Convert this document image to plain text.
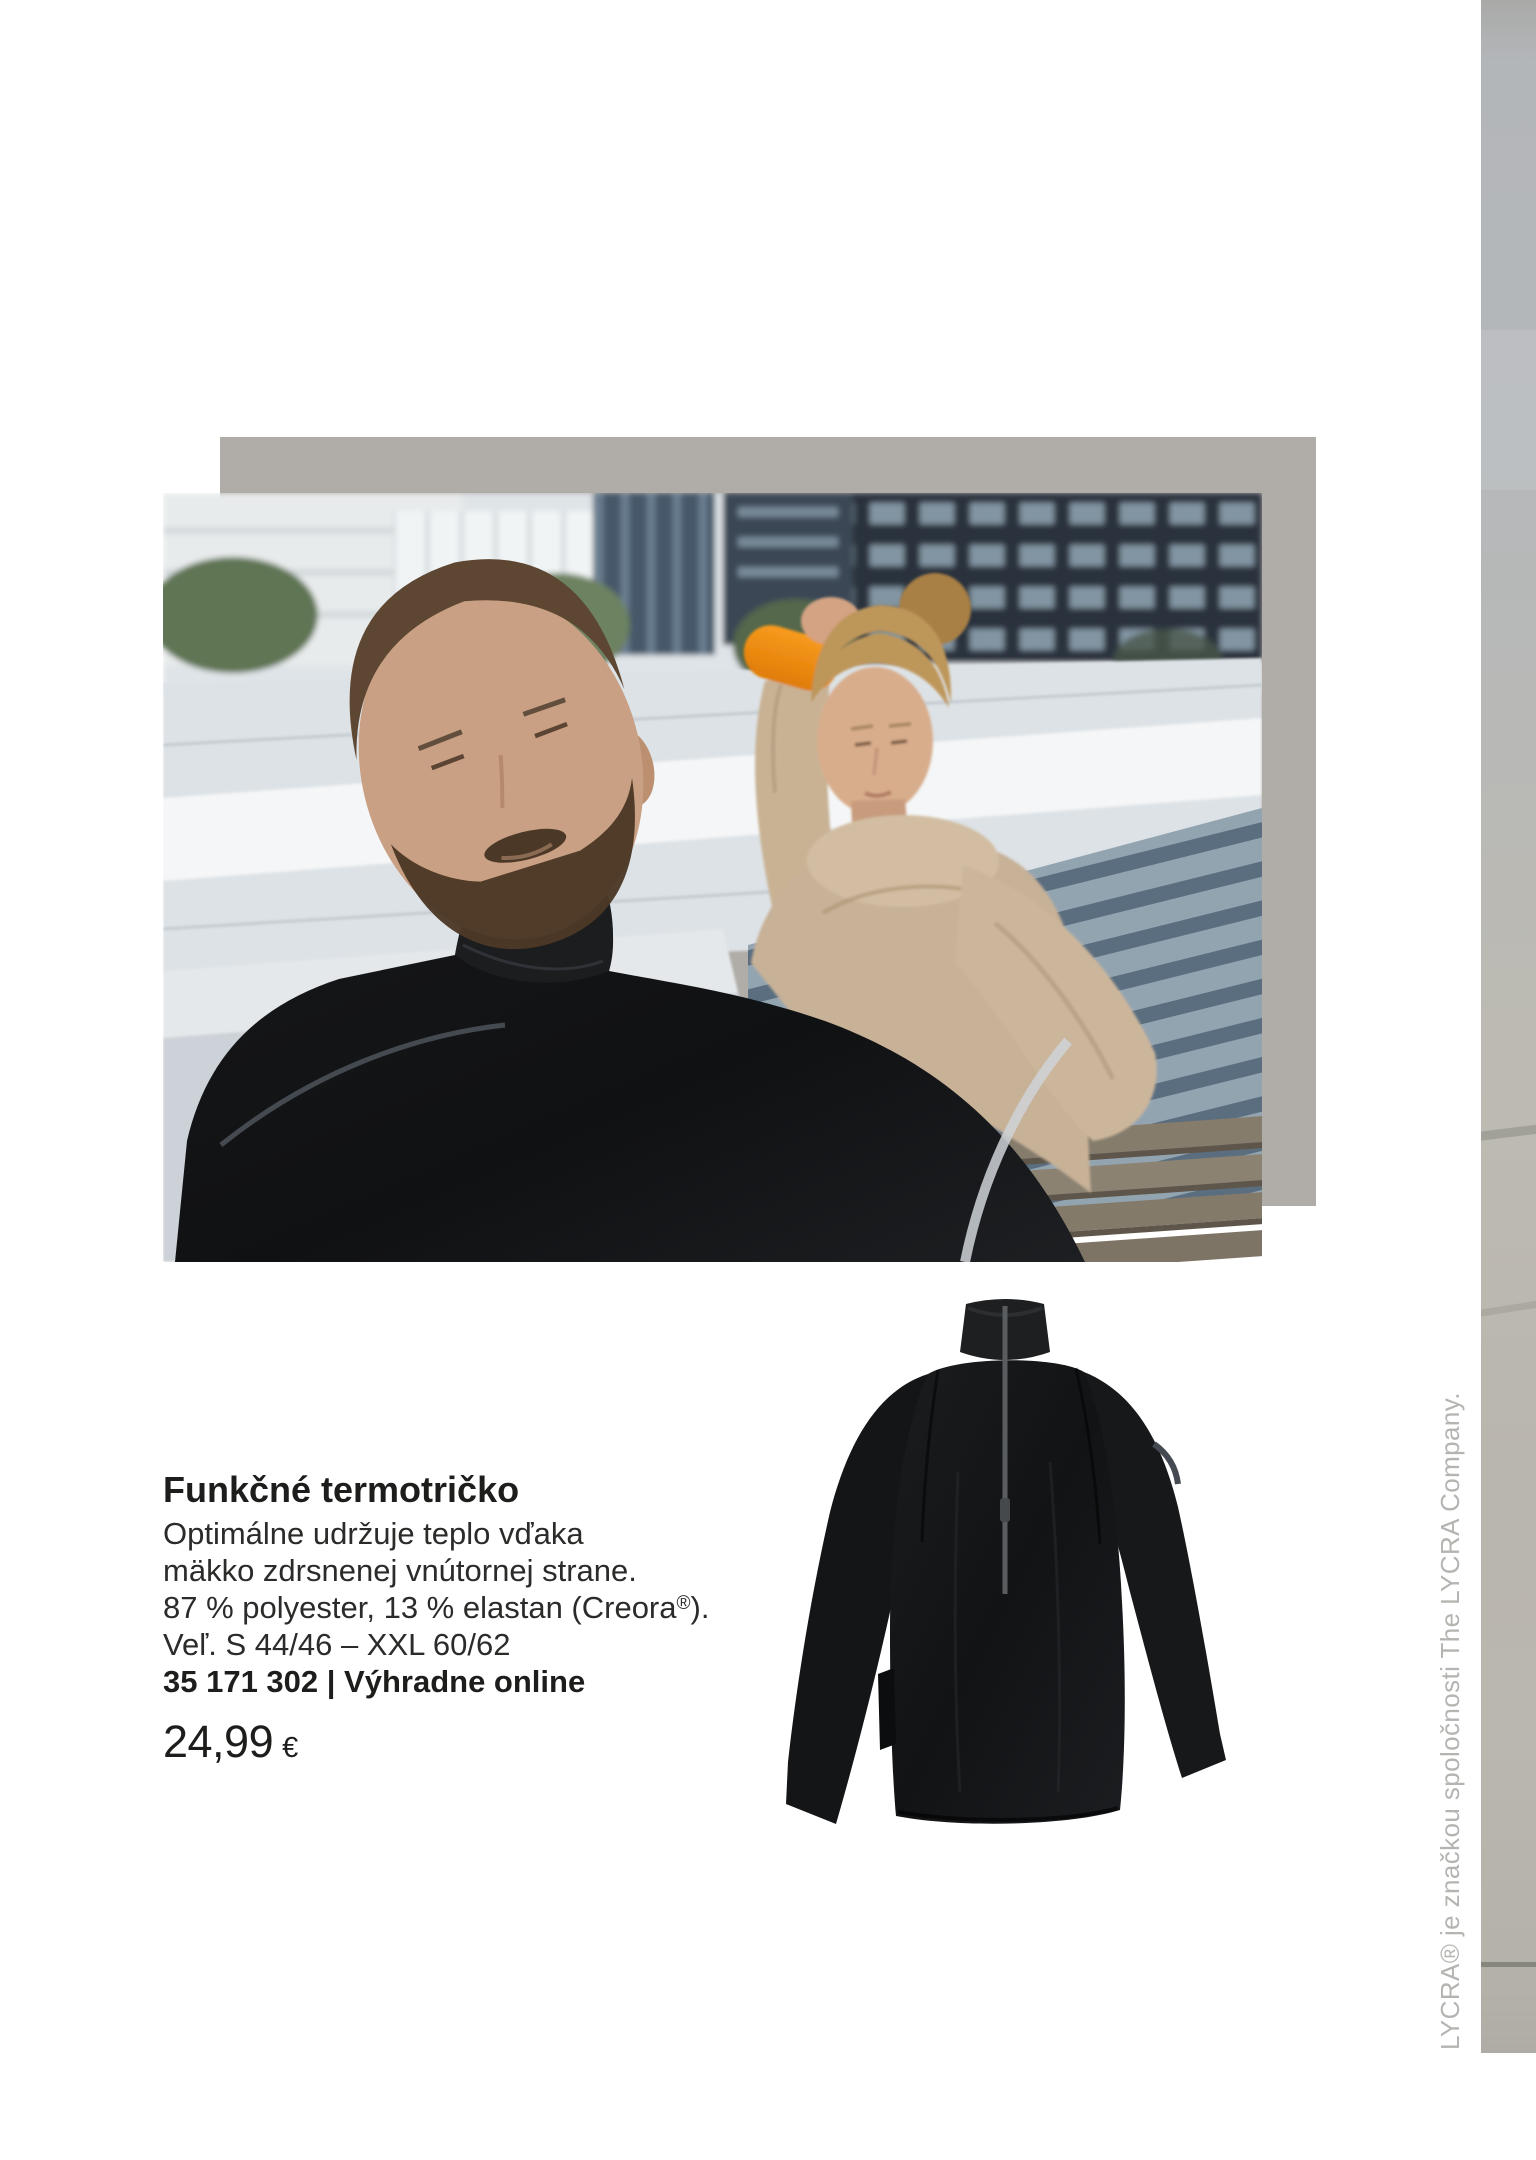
Funkčné termotričko

Optimálne udržuje teplo vďaka

mäkko zdrsnenej vnútornej strane.

87 % polyester, 13 % elastan (Creora®).

Veľ. S 44/46 – XXL 60/62

35 171 302 | Výhradne online

24,99 €	LYCRA® je značkou spoločnosti The LYCRA Company.
